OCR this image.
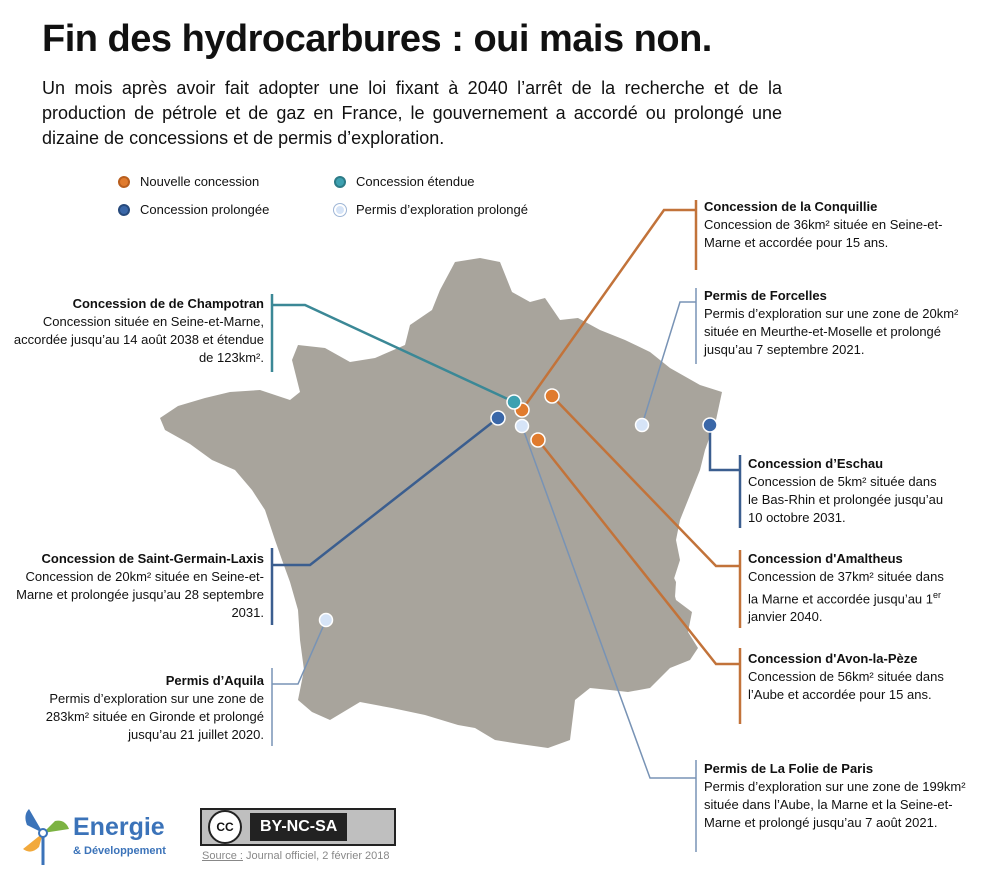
Fin des hydrocarbures : oui mais non.

Un mois après avoir fait adopter une loi fixant à 2040 l’arrêt de la recherche et de la production de pétrole et de gaz en France, le gouvernement a accordé ou prolongé une dizaine de concessions et de permis d’exploration.

Nouvelle concession	Concession étendue
Concession prolongée	Permis d’exploration prolongé	Concession de la Conquillie
Concession de 36km² située en Seine-et-Marne et accordée pour 15 ans.
Permis de Forcelles
Permis d’exploration sur une zone de 20km² située en Meurthe-et-Moselle et prolongé jusqu’au 7 septembre 2021.
Concession d’Eschau
Concession de 5km² située dans le Bas-Rhin et prolongée jusqu’au 10 octobre 2031.
Concession d'Amaltheus
Concession de 37km² située dans la Marne et accordée jusqu’au 1er janvier 2040.
Concession d'Avon-la-Pèze
Concession de 56km² située dans l’Aube et accordée pour 15 ans.
Permis de La Folie de Paris
Permis d’exploration sur une zone de 199km² située dans l’Aube, la Marne et la Seine-et-Marne et prolongé jusqu’au 7 août 2021.
Concession de de Champotran
Concession située en Seine-et-Marne, accordée jusqu’au 14 août 2038 et étendue de 123km².
Concession de Saint-Germain-Laxis
Concession de 20km² située en Seine-et-Marne et prolongée jusqu’au 28 septembre 2031.
Permis d’Aquila
Permis d’exploration sur une zone de 283km² située en Gironde et prolongé jusqu’au 21 juillet 2020.
Energie
& Développement
CC	BY-NC-SA
Source : Journal officiel, 2 février 2018
